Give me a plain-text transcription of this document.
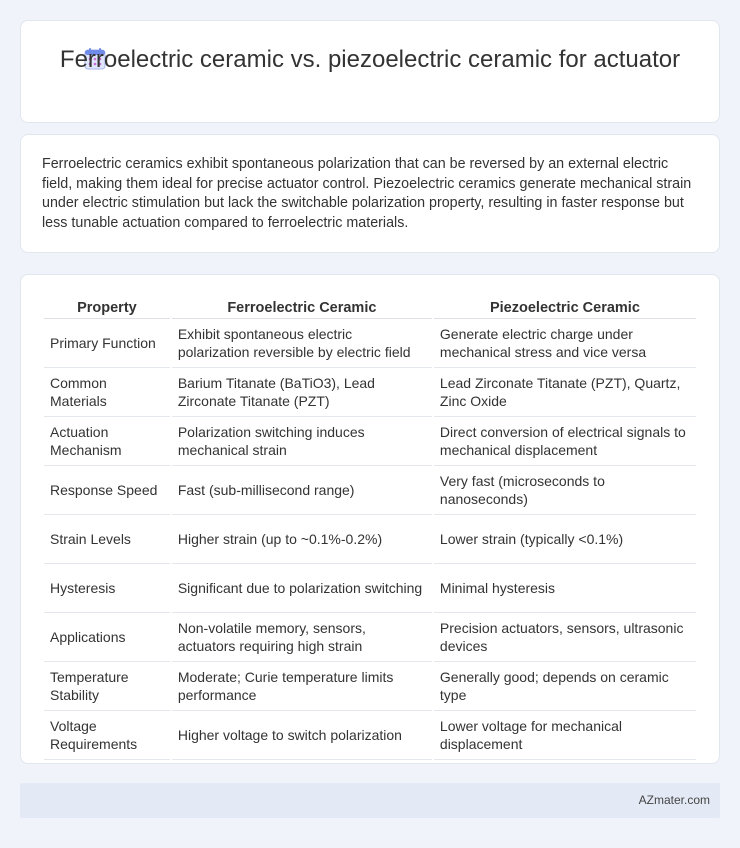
Ferroelectric ceramic vs. piezoelectric ceramic for actuator

Ferroelectric ceramics exhibit spontaneous polarization that can be reversed by an external electric field, making them ideal for precise actuator control. Piezoelectric ceramics generate mechanical strain under electric stimulation but lack the switchable polarization property, resulting in faster response but less tunable actuation compared to ferroelectric materials.

Property	Ferroelectric Ceramic	Piezoelectric Ceramic
Primary Function	Exhibit spontaneous electric polarization reversible by electric field	Generate electric charge under mechanical stress and vice versa
Common Materials	Barium Titanate (BaTiO3), Lead Zirconate Titanate (PZT)	Lead Zirconate Titanate (PZT), Quartz, Zinc Oxide
Actuation Mechanism	Polarization switching induces mechanical strain	Direct conversion of electrical signals to mechanical displacement
Response Speed	Fast (sub-millisecond range)	Very fast (microseconds to nanoseconds)
Strain Levels	Higher strain (up to ~0.1%-0.2%)	Lower strain (typically <0.1%)
Hysteresis	Significant due to polarization switching	Minimal hysteresis
Applications	Non-volatile memory, sensors, actuators requiring high strain	Precision actuators, sensors, ultrasonic devices
Temperature Stability	Moderate; Curie temperature limits performance	Generally good; depends on ceramic type
Voltage Requirements	Higher voltage to switch polarization	Lower voltage for mechanical displacement
AZmater.com
